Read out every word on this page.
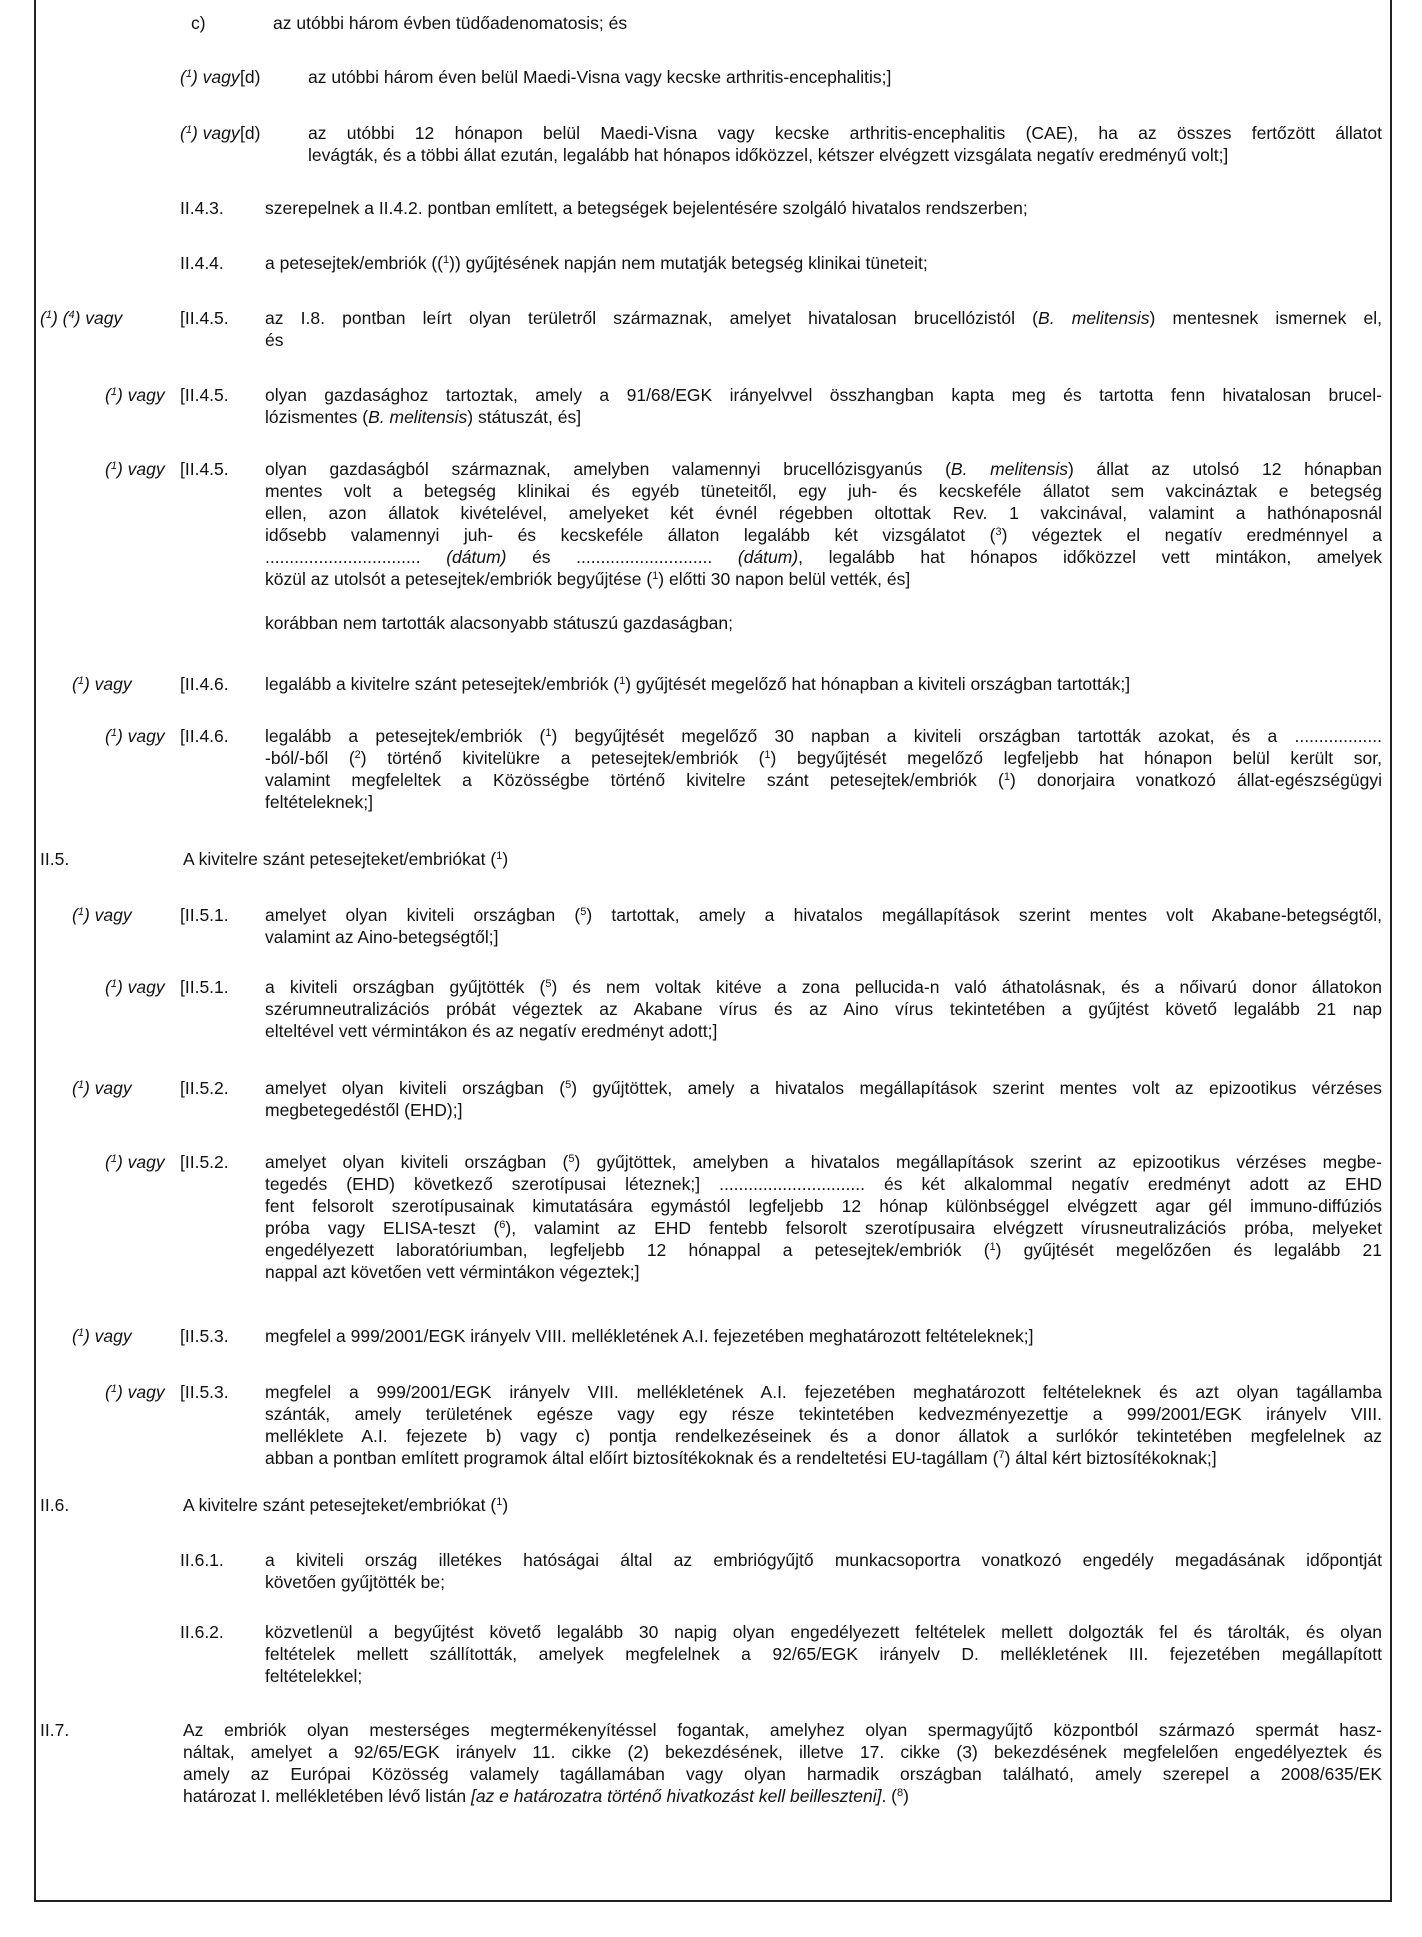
c)	az utóbbi három évben tüdőadenomatosis; és
($^1$) vagy [d)	az utóbbi három éven belül Maedi-Visna vagy kecske arthritis-encephalitis;]
($^1$) vagy [d)	az utóbbi 12 hónapon belül Maedi-Visna vagy kecske arthritis-encephalitis (CAE), ha az összes fertőzött állatot
levágták, és a többi állat ezután, legalább hat hónapos időközzel, kétszer elvégzett vizsgálata negatív eredményű volt;]
II.4.3. szerepelnek a II.4.2. pontban említett, a betegségek bejelentésére szolgáló hivatalos rendszerben;
II.4.4. a petesejtek/embriók (($^1$)) gyűjtésének napján nem mutatják betegség klinikai tüneteit;
($^1$) ($^4$) vagy	[II.4.5. az I.8. pontban leírt olyan területről származnak, amelyet hivatalosan brucellózistól (B. melitensis) mentesnek ismernek el,
és
($^1$) vagy [II.4.5. olyan gazdasághoz tartoztak, amely a 91/68/EGK irányelvvel összhangban kapta meg és tartotta fenn hivatalosan brucel-
lózismentes (B. melitensis) státuszát, és]
($^1$) vagy [II.4.5. olyan gazdaságból származnak, amelyben valamennyi brucellózisgyanús (B. melitensis) állat az utolsó 12 hónapban
mentes volt a betegség klinikai és egyéb tüneteitől, egy juh- és kecskeféle állatot sem vakcináztak e betegség
ellen, azon állatok kivételével, amelyeket két évnél régebben oltottak Rev. 1 vakcinával, valamint a hathónaposnál
idősebb valamennyi juh- és kecskeféle állaton legalább két vizsgálatot ($^3$) végeztek el negatív eredménnyel a
................................ (dátum) és ............................ (dátum), legalább hat hónapos időközzel vett mintákon, amelyek
közül az utolsót a petesejtek/embriók begyűjtése ($^1$) előtti 30 napon belül vették, és]
korábban nem tartották alacsonyabb státuszú gazdaságban;
($^1$) vagy	[II.4.6. legalább a kivitelre szánt petesejtek/embriók ($^1$) gyűjtését megelőző hat hónapban a kiviteli országban tartották;]
($^1$) vagy [II.4.6. legalább a petesejtek/embriók ($^1$) begyűjtését megelőző 30 napban a kiviteli országban tartották azokat, és a ..................
-ból/-ből ($^2$) történő kivitelükre a petesejtek/embriók ($^1$) begyűjtését megelőző legfeljebb hat hónapon belül került sor,
valamint megfeleltek a Közösségbe történő kivitelre szánt petesejtek/embriók ($^1$) donorjaira vonatkozó állat-egészségügyi
feltételeknek;]
II.5.	A kivitelre szánt petesejteket/embriókat ($^1$)
($^1$) vagy	[II.5.1. amelyet olyan kiviteli országban ($^5$) tartottak, amely a hivatalos megállapítások szerint mentes volt Akabane-betegségtől,
valamint az Aino-betegségtől;]
($^1$) vagy [II.5.1. a kiviteli országban gyűjtötték ($^5$) és nem voltak kitéve a zona pellucida-n való áthatolásnak, és a nőivarú donor állatokon
szérumneutralizációs próbát végeztek az Akabane vírus és az Aino vírus tekintetében a gyűjtést követő legalább 21 nap
elteltével vett vérmintákon és az negatív eredményt adott;]
($^1$) vagy	[II.5.2. amelyet olyan kiviteli országban ($^5$) gyűjtöttek, amely a hivatalos megállapítások szerint mentes volt az epizootikus vérzéses
megbetegedéstől (EHD);]
($^1$) vagy [II.5.2. amelyet olyan kiviteli országban ($^5$) gyűjtöttek, amelyben a hivatalos megállapítások szerint az epizootikus vérzéses megbe-
tegedés (EHD) következő szerotípusai léteznek;] .............................. és két alkalommal negatív eredményt adott az EHD
fent felsorolt szerotípusainak kimutatására egymástól legfeljebb 12 hónap különbséggel elvégzett agar gél immuno-diffúziós
próba vagy ELISA-teszt ($^6$), valamint az EHD fentebb felsorolt szerotípusaira elvégzett vírusneutralizációs próba, melyeket
engedélyezett laboratóriumban, legfeljebb 12 hónappal a petesejtek/embriók ($^1$) gyűjtését megelőzően és legalább 21
nappal azt követően vett vérmintákon végeztek;]
($^1$) vagy	[II.5.3. megfelel a 999/2001/EGK irányelv VIII. mellékletének A.I. fejezetében meghatározott feltételeknek;]
($^1$) vagy [II.5.3. megfelel a 999/2001/EGK irányelv VIII. mellékletének A.I. fejezetében meghatározott feltételeknek és azt olyan tagállamba
szánták, amely területének egésze vagy egy része tekintetében kedvezményezettje a 999/2001/EGK irányelv VIII.
melléklete A.I. fejezete b) vagy c) pontja rendelkezéseinek és a donor állatok a surlókór tekintetében megfelelnek az
abban a pontban említett programok által előírt biztosítékoknak és a rendeltetési EU-tagállam ($^7$) által kért biztosítékoknak;]
II.6.	A kivitelre szánt petesejteket/embriókat ($^1$)
II.6.1. a kiviteli ország illetékes hatóságai által az embriógyűjtő munkacsoportra vonatkozó engedély megadásának időpontját
követően gyűjtötték be;
II.6.2. közvetlenül a begyűjtést követő legalább 30 napig olyan engedélyezett feltételek mellett dolgozták fel és tárolták, és olyan
feltételek mellett szállították, amelyek megfelelnek a 92/65/EGK irányelv D. mellékletének III. fejezetében megállapított
feltételekkel;
II.7.	Az embriók olyan mesterséges megtermékenyítéssel fogantak, amelyhez olyan spermagyűjtő központból származó spermát hasz-
náltak, amelyet a 92/65/EGK irányelv 11. cikke (2) bekezdésének, illetve 17. cikke (3) bekezdésének megfelelően engedélyeztek és
amely az Európai Közösség valamely tagállamában vagy olyan harmadik országban található, amely szerepel a 2008/635/EK
határozat I. mellékletében lévő listán [az e határozatra történő hivatkozást kell beilleszteni]. ($^8$)
